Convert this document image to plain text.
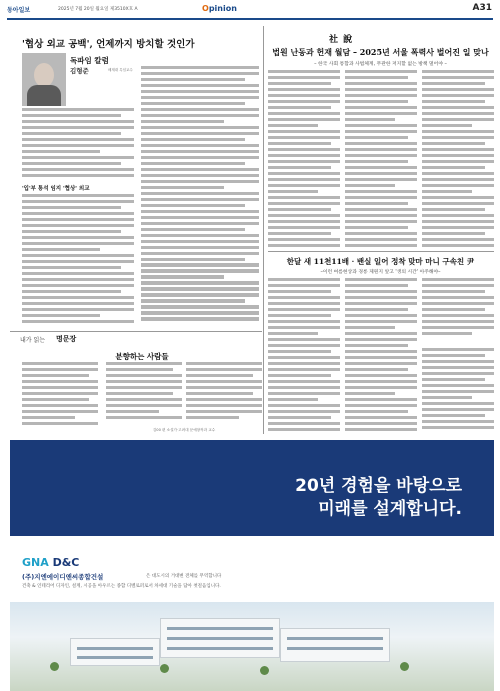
동아일보	2025년 7월 20일 월요일 제3510X호 A	Opinion	A31
'협상 외교 공백', 언제까지 방치할 것인가
독파임 칼럼
김형준	배재대 특임교수
'입'부 통석 임지 '협상' 외교
社 說
법원 난동과 헌재 월담 – 2025년 서울 폭력사 벌어진 일 맞나
– 한국 사회 통합과 사법체계, 무관한 저지할 없는 방책 멀어야 –
한달 새 11천11배 · 밴실 일어 정착 맞마 마니 구속친 尹
–이런 여름현상과 경롱 제원지 앞고 '생의 시간' 아주해야–
내가 읽는 명문장
분향하는 사람들
김00 편 소설가·고려대 문예창작과 교수
20년 경험을 바탕으로
미래를 설계합니다.
GNA D&C
(주)지엔에이디앤씨종합건설	은 대도시의 거대변 전체를 무역합니다
건축 & 인테리어 디자인, 설계, 시공을 아우르는 종합 디벨로퍼로서 차세대 기술을 담아 첫걸음입니다.
